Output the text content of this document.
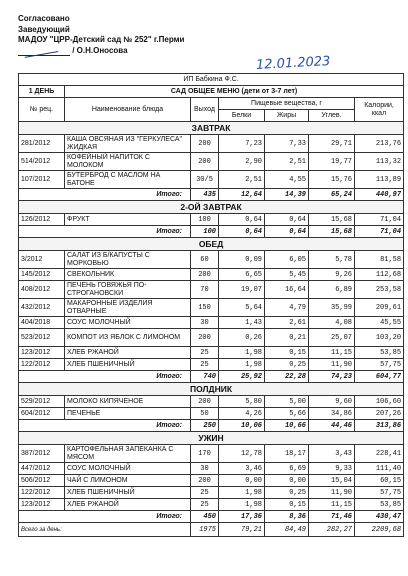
Согласовано
Заведующий
МАДОУ "ЦРР-Детский сад № 252" г.Перми
/ О.Н.Оносова
12.01.2023
ИП Бабкина Ф.С.						
1 ДЕНЬ	САД ОБЩЕЕ МЕНЮ (дети от 3-7 лет)					
№ рец.	Наименование блюда	Выход	Пищевые вещества, г			Калории, ккал
			Белки	Жиры	Углев.	
ЗАВТРАК						
281/2012	КАША ОВСЯНАЯ ИЗ "ГЕРКУЛЕСА" ЖИДКАЯ	200	7,23	7,33	29,71	213,76
514/2012	КОФЕЙНЫЙ НАПИТОК С МОЛОКОМ	200	2,90	2,51	19,77	113,32
107/2012	БУТЕРБРОД С МАСЛОМ НА БАТОНЕ	30/5	2,51	4,55	15,76	113,89
Итого:		435	12,64	14,39	65,24	440,97
2-ОЙ ЗАВТРАК						
126/2012	ФРУКТ	100	0,64	0,64	15,68	71,04
Итого:		100	0,64	0,64	15,68	71,04
ОБЕД						
3/2012	САЛАТ ИЗ Б/КАПУСТЫ С МОРКОВЬЮ	60	0,09	6,05	5,78	81,58
145/2012	СВЕКОЛЬНИК	200	6,65	5,45	9,26	112,68
408/2012	ПЕЧЕНЬ ГОВЯЖЬЯ ПО-СТРОГАНОВСКИ	70	19,07	16,64	6,89	253,58
432/2012	МАКАРОННЫЕ ИЗДЕЛИЯ ОТВАРНЫЕ	150	5,64	4,79	35,99	209,61
404/2018	СОУС МОЛОЧНЫЙ	30	1,43	2,61	4,08	45,55
523/2012	КОМПОТ ИЗ ЯБЛОК С ЛИМОНОМ	200	0,26	0,21	25,07	103,20
123/2012	ХЛЕБ РЖАНОЙ	25	1,98	0,15	11,15	53,85
122/2012	ХЛЕБ ПШЕНИЧНЫЙ	25	1,98	0,25	11,90	57,75
Итого:		740	25,92	22,28	74,23	604,77
ПОЛДНИК						
529/2012	МОЛОКО КИПЯЧЕНОЕ	200	5,80	5,00	9,60	106,60
604/2012	ПЕЧЕНЬЕ	50	4,26	5,66	34,86	207,26
Итого:		250	10,06	10,66	44,46	313,86
УЖИН						
387/2012	КАРТОФЕЛЬНАЯ ЗАПЕКАНКА С МЯСОМ	170	12,78	18,17	3,43	228,41
447/2012	СОУС МОЛОЧНЫЙ	30	3,46	6,69	9,33	111,40
506/2012	ЧАЙ С ЛИМОНОМ	200	0,00	0,00	15,04	60,15
122/2012	ХЛЕБ ПШЕНИЧНЫЙ	25	1,98	0,25	11,90	57,75
123/2012	ХЛЕБ РЖАНОЙ	25	1,98	0,15	11,15	53,85
Итого:		450	17,36	8,36	71,46	430,47
Всего за день:		1975	79,21	84,49	282,27	2209,68
